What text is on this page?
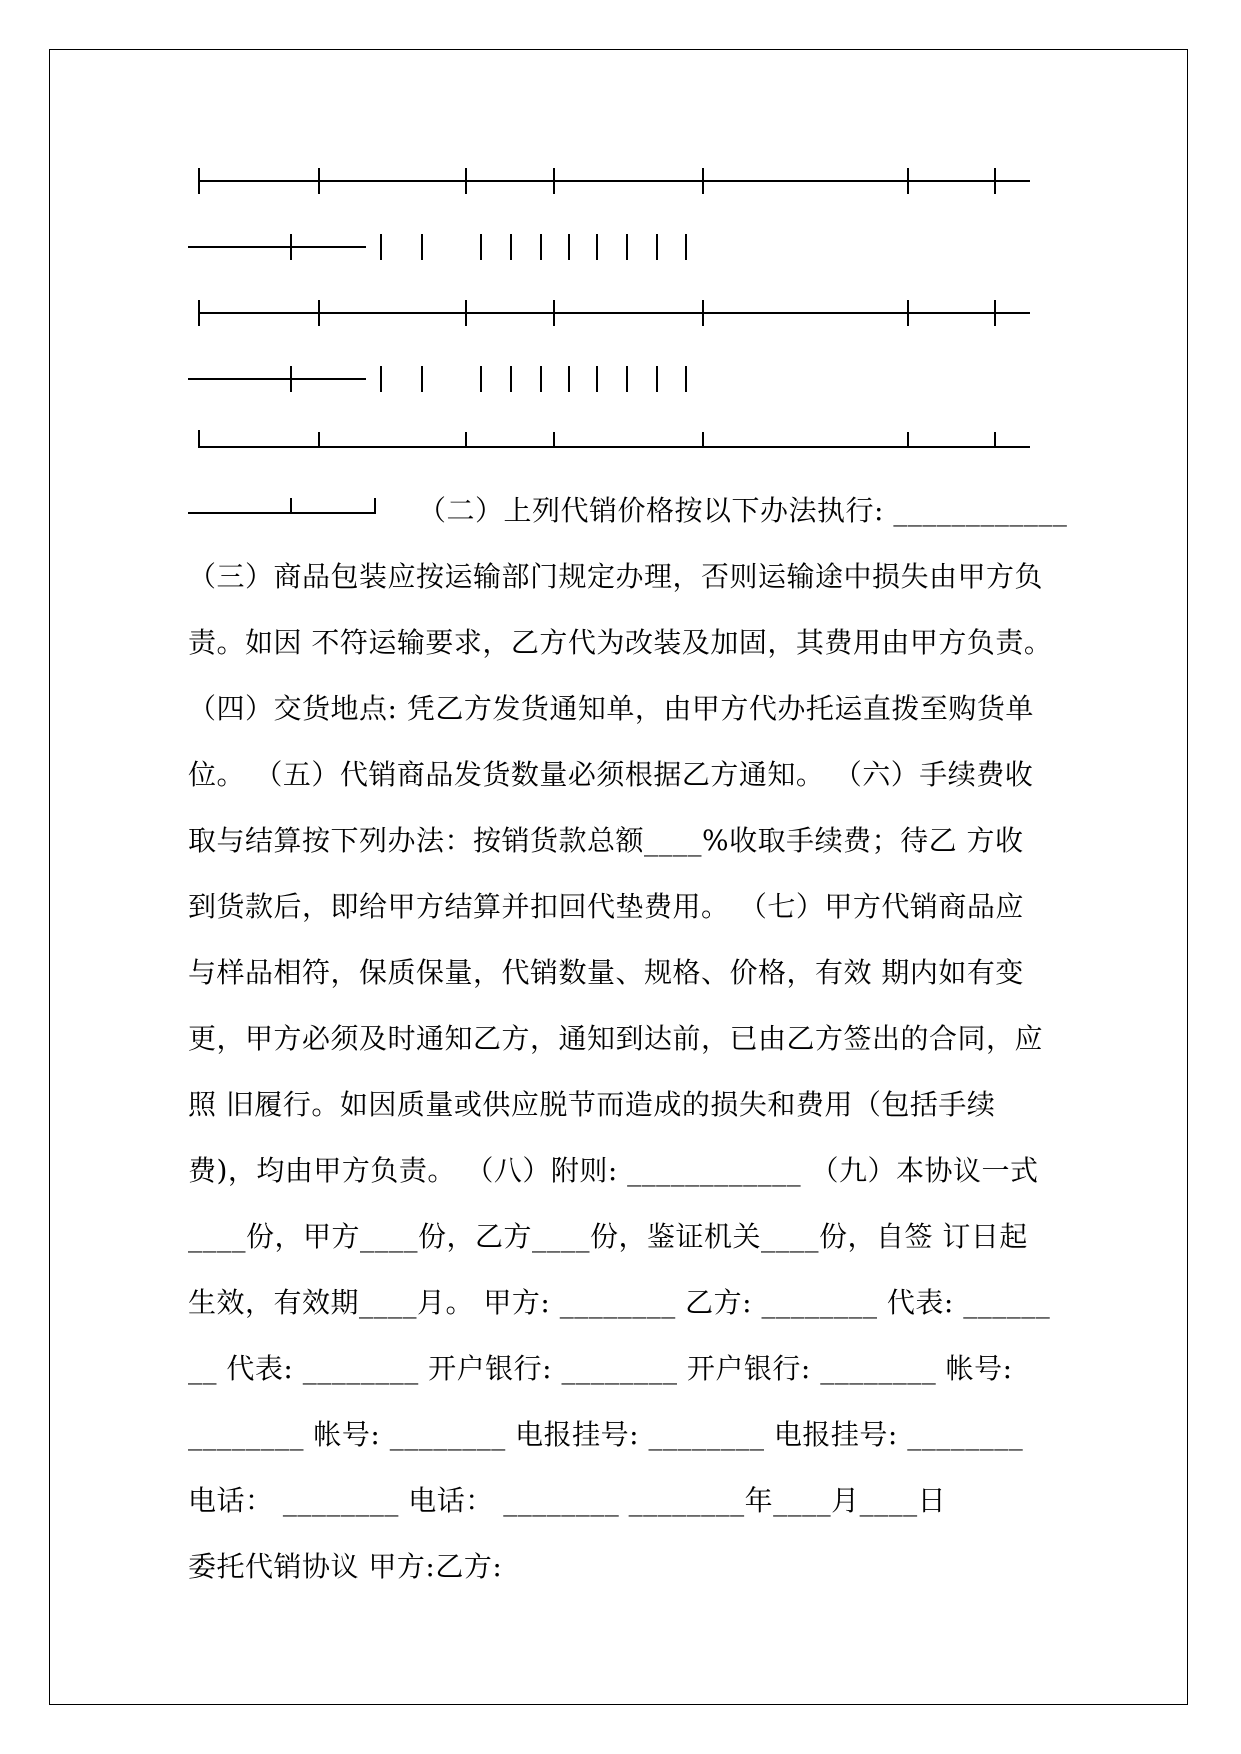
（二）上列代销价格按以下办法执行: ____________
（三）商品包装应按运输部门规定办理，否则运输途中损失由甲方负
责。如因 不符运输要求，乙方代为改装及加固，其费用由甲方负责。
（四）交货地点: 凭乙方发货通知单，由甲方代办托运直拨至购货单
位。 （五）代销商品发货数量必须根据乙方通知。 （六）手续费收
取与结算按下列办法：按销货款总额____%收取手续费；待乙 方收
到货款后，即给甲方结算并扣回代垫费用。 （七）甲方代销商品应
与样品相符，保质保量，代销数量、规格、价格，有效 期内如有变
更，甲方必须及时通知乙方，通知到达前，已由乙方签出的合同，应
照 旧履行。如因质量或供应脱节而造成的损失和费用（包括手续
费)，均由甲方负责。 （八）附则: ____________ （九）本协议一式
____份，甲方____份，乙方____份，鉴证机关____份，自签 订日起
生效，有效期____月。 甲方: ________ 乙方: ________ 代表: ______
__ 代表: ________ 开户银行: ________ 开户银行: ________ 帐号:
________ 帐号: ________ 电报挂号: ________ 电报挂号: ________
电话： ________ 电话： ________ ________年____月____日
委托代销协议 甲方:乙方:
